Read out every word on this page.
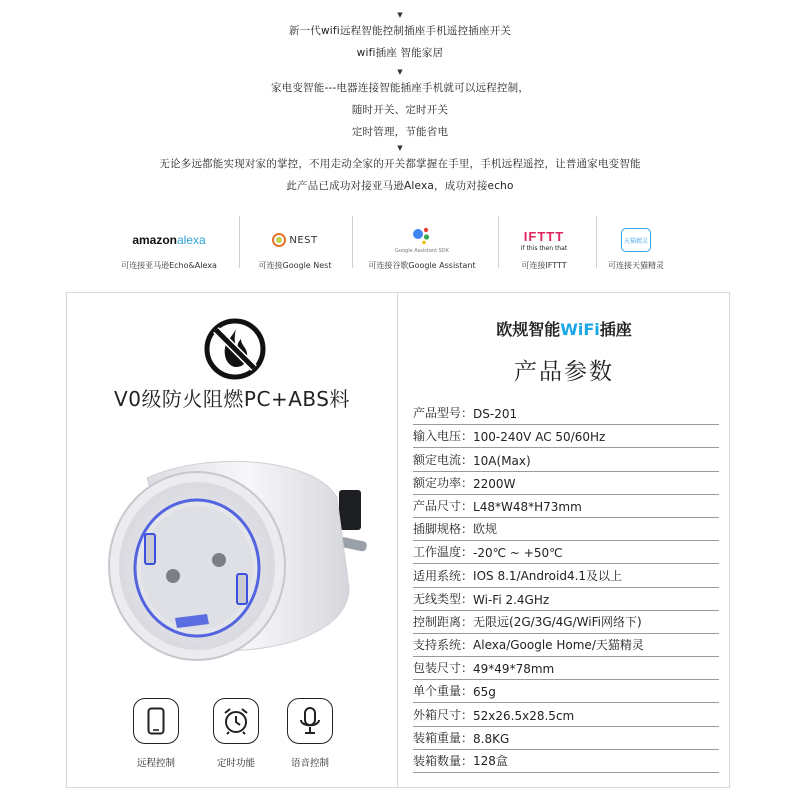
▼
新一代wifi远程智能控制插座手机遥控插座开关
wifi插座 智能家居
▼
家电变智能---电器连接智能插座手机就可以远程控制，
随时开关、定时开关
定时管理，节能省电
▼
无论多远都能实现对家的掌控，不用走动全家的开关都掌握在手里，手机远程遥控，让普通家电变智能
此产品已成功对接亚马逊Alexa，成功对接echo
amazonalexa
可连接亚马逊Echo&Alexa
NEST
可连接Google Nest
Google Assistant SDK
可连接谷歌Google Assistant
IFTTT
if this then that
可连接IFTTT
天猫精灵
可连接天猫精灵
V0级防火阻燃PC+ABS料
远程控制	定时功能	语音控制
欧规智能WiFi插座
产品参数
产品型号 ： DS-201
输入电压 ： 100-240V AC 50/60Hz
额定电流 ： 10A(Max)
额定功率 ： 2200W
产品尺寸 ： L48*W48*H73mm
插脚规格 ： 欧规
工作温度 ： -20℃ ~ +50℃
适用系统 ： IOS 8.1/Android4.1及以上
无线类型 ： Wi-Fi 2.4GHz
控制距离 ： 无限远(2G/3G/4G/WiFi网络下)
支持系统 ： Alexa/Google Home/天猫精灵
包装尺寸 ： 49*49*78mm
单个重量 ： 65g
外箱尺寸 ： 52x26.5x28.5cm
装箱重量 ： 8.8KG
装箱数量 ： 128盒
